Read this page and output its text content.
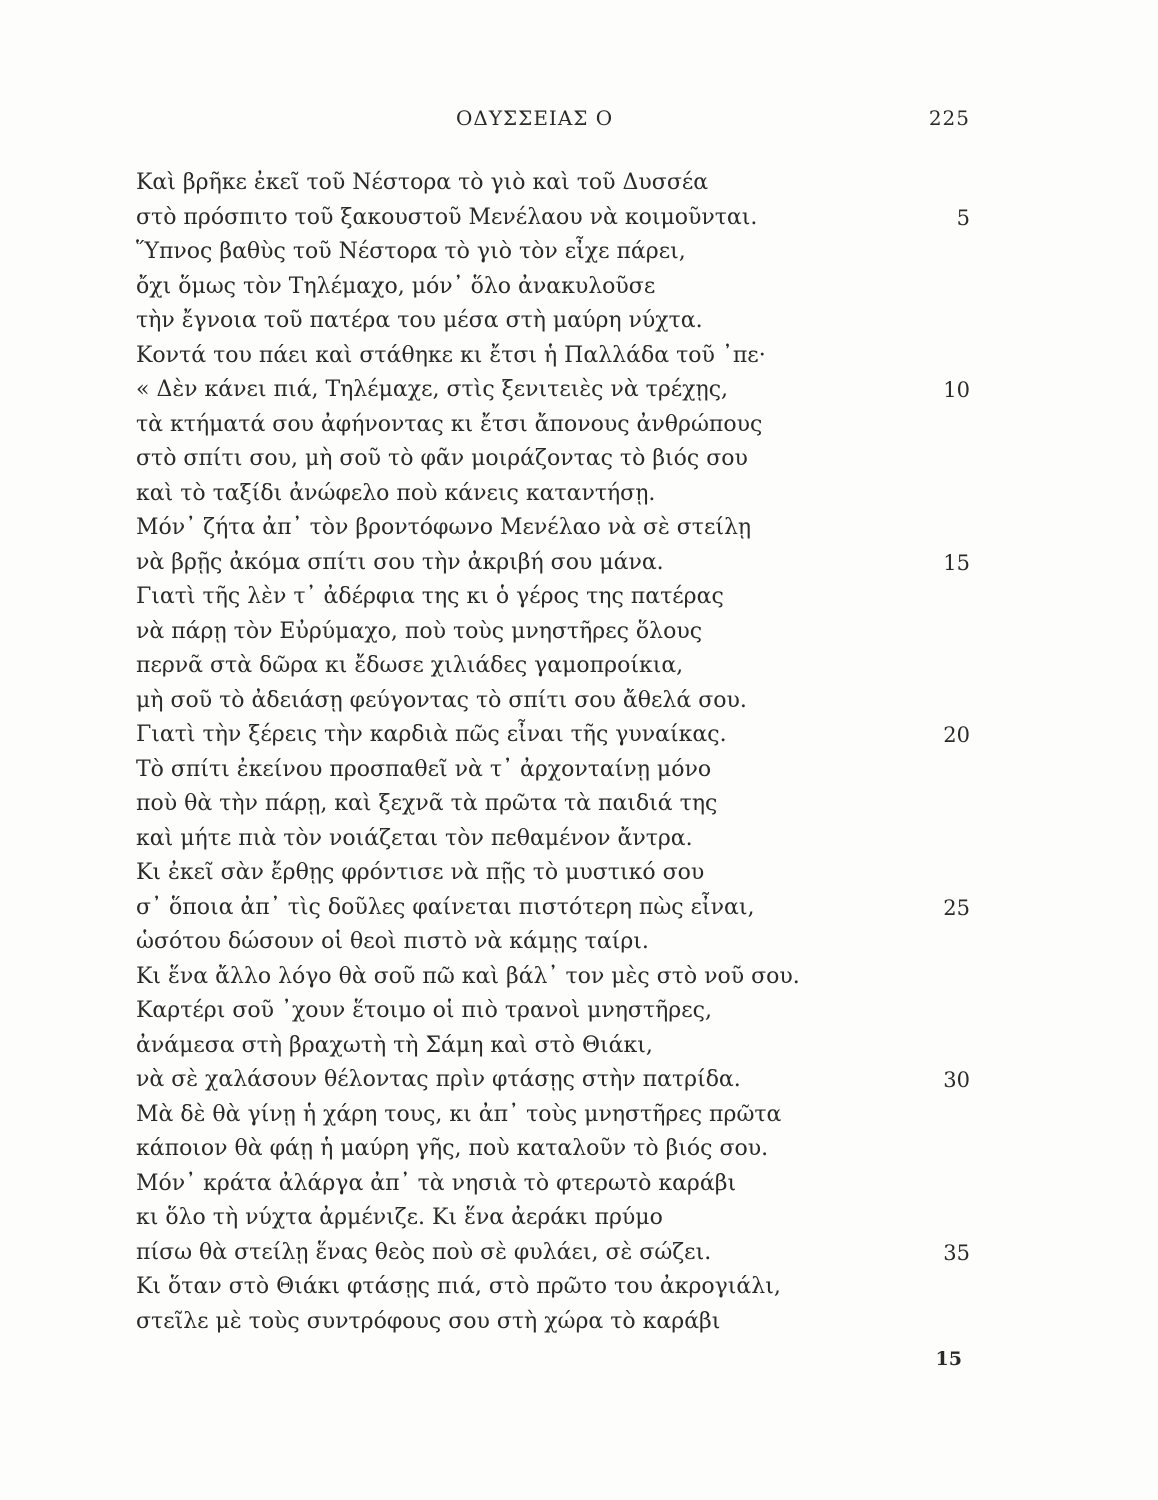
ΟΔΥΣΣΕΙΑΣ Ο	225
Καὶ βρῆκε ἐκεῖ τοῦ Νέστορα τὸ γιὸ καὶ τοῦ Δυσσέα
στὸ πρόσπιτο τοῦ ξακουστοῦ Μενέλαου νὰ κοιμοῦνται.	5
Ὕπνος βαθὺς τοῦ Νέστορα τὸ γιὸ τὸν εἶχε πάρει,
ὄχι ὅμως τὸν Τηλέμαχο, μόν᾿ ὅλο ἀνακυλοῦσε
τὴν ἔγνοια τοῦ πατέρα του μέσα στὴ μαύρη νύχτα.
Κοντά του πάει καὶ στάθηκε κι ἔτσι ἡ Παλλάδα τοῦ ᾿πε·
« Δὲν κάνει πιά, Τηλέμαχε, στὶς ξενιτειὲς νὰ τρέχῃς,	10
τὰ κτήματά σου ἀφήνοντας κι ἔτσι ἄπονους ἀνθρώπους
στὸ σπίτι σου, μὴ σοῦ τὸ φᾶν μοιράζοντας τὸ βιός σου
καὶ τὸ ταξίδι ἀνώφελο ποὺ κάνεις καταντήσῃ.
Μόν᾿ ζήτα ἀπ᾿ τὸν βροντόφωνο Μενέλαο νὰ σὲ στείλῃ
νὰ βρῇς ἀκόμα σπίτι σου τὴν ἀκριβή σου μάνα.	15
Γιατὶ τῆς λὲν τ᾿ ἀδέρφια της κι ὁ γέρος της πατέρας
νὰ πάρῃ τὸν Εὐρύμαχο, ποὺ τοὺς μνηστῆρες ὅλους
περνᾶ στὰ δῶρα κι ἔδωσε χιλιάδες γαμοπροίκια,
μὴ σοῦ τὸ ἀδειάσῃ φεύγοντας τὸ σπίτι σου ἄθελά σου.
Γιατὶ τὴν ξέρεις τὴν καρδιὰ πῶς εἶναι τῆς γυναίκας.	20
Τὸ σπίτι ἐκείνου προσπαθεῖ νὰ τ᾿ ἀρχονταίνῃ μόνο
ποὺ θὰ τὴν πάρῃ, καὶ ξεχνᾶ τὰ πρῶτα τὰ παιδιά της
καὶ μήτε πιὰ τὸν νοιάζεται τὸν πεθαμένον ἄντρα.
Κι ἐκεῖ σὰν ἔρθῃς φρόντισε νὰ πῇς τὸ μυστικό σου
σ᾿ ὅποια ἀπ᾿ τὶς δοῦλες φαίνεται πιστότερη πὼς εἶναι,	25
ὡσότου δώσουν οἱ θεοὶ πιστὸ νὰ κάμῃς ταίρι.
Κι ἕνα ἄλλο λόγο θὰ σοῦ πῶ καὶ βάλ᾿ τον μὲς στὸ νοῦ σου.
Καρτέρι σοῦ ᾿χουν ἕτοιμο οἱ πιὸ τρανοὶ μνηστῆρες,
ἀνάμεσα στὴ βραχωτὴ τὴ Σάμη καὶ στὸ Θιάκι,
νὰ σὲ χαλάσουν θέλοντας πρὶν φτάσῃς στὴν πατρίδα.	30
Μὰ δὲ θὰ γίνῃ ἡ χάρη τους, κι ἀπ᾿ τοὺς μνηστῆρες πρῶτα
κάποιον θὰ φάῃ ἡ μαύρη γῆς, ποὺ καταλοῦν τὸ βιός σου.
Μόν᾿ κράτα ἀλάργα ἀπ᾿ τὰ νησιὰ τὸ φτερωτὸ καράβι
κι ὅλο τὴ νύχτα ἀρμένιζε. Κι ἕνα ἀεράκι πρύμο
πίσω θὰ στείλῃ ἕνας θεὸς ποὺ σὲ φυλάει, σὲ σώζει.	35
Κι ὅταν στὸ Θιάκι φτάσῃς πιά, στὸ πρῶτο του ἀκρογιάλι,
στεῖλε μὲ τοὺς συντρόφους σου στὴ χώρα τὸ καράβι
15
